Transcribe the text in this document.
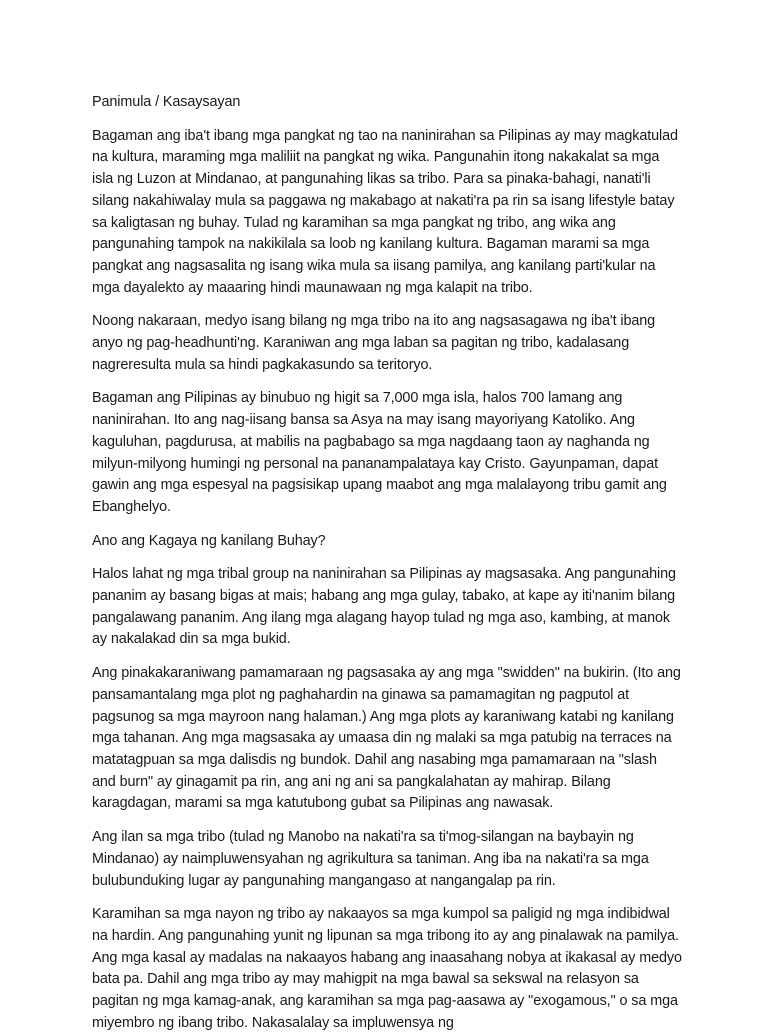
Panimula / Kasaysayan
Bagaman ang iba't ibang mga pangkat ng tao na naninirahan sa Pilipinas ay may magkatulad na kultura, maraming mga maliliit na pangkat ng wika. Pangunahin itong nakakalat sa mga isla ng Luzon at Mindanao, at pangunahing likas sa tribo. Para sa pinaka-bahagi, nanati'li silang nakahiwalay mula sa paggawa ng makabago at nakati'ra pa rin sa isang lifestyle batay sa kaligtasan ng buhay. Tulad ng karamihan sa mga pangkat ng tribo, ang wika ang pangunahing tampok na nakikilala sa loob ng kanilang kultura. Bagaman marami sa mga pangkat ang nagsasalita ng isang wika mula sa iisang pamilya, ang kanilang parti'kular na mga dayalekto ay maaaring hindi maunawaan ng mga kalapit na tribo.
Noong nakaraan, medyo isang bilang ng mga tribo na ito ang nagsasagawa ng iba't ibang anyo ng pag-headhunti'ng. Karaniwan ang mga laban sa pagitan ng tribo, kadalasang nagreresulta mula sa hindi pagkakasundo sa teritoryo.
Bagaman ang Pilipinas ay binubuo ng higit sa 7,000 mga isla, halos 700 lamang ang naninirahan. Ito ang nag-iisang bansa sa Asya na may isang mayoriyang Katoliko. Ang kaguluhan, pagdurusa, at mabilis na pagbabago sa mga nagdaang taon ay naghanda ng milyun-milyong humingi ng personal na pananampalataya kay Cristo. Gayunpaman, dapat gawin ang mga espesyal na pagsisikap upang maabot ang mga malalayong tribu gamit ang Ebanghelyo.
Ano ang Kagaya ng kanilang Buhay?
Halos lahat ng mga tribal group na naninirahan sa Pilipinas ay magsasaka. Ang pangunahing pananim ay basang bigas at mais; habang ang mga gulay, tabako, at kape ay iti'nanim bilang pangalawang pananim. Ang ilang mga alagang hayop tulad ng mga aso, kambing, at manok ay nakalakad din sa mga bukid.
Ang pinakakaraniwang pamamaraan ng pagsasaka ay ang mga "swidden" na bukirin. (Ito ang pansamantalang mga plot ng paghahardin na ginawa sa pamamagitan ng pagputol at pagsunog sa mga mayroon nang halaman.) Ang mga plots ay karaniwang katabi ng kanilang mga tahanan. Ang mga magsasaka ay umaasa din ng malaki sa mga patubig na terraces na matatagpuan sa mga dalisdis ng bundok. Dahil ang nasabing mga pamamaraan na "slash and burn" ay ginagamit pa rin, ang ani ng ani sa pangkalahatan ay mahirap. Bilang karagdagan, marami sa mga katutubong gubat sa Pilipinas ang nawasak.
Ang ilan sa mga tribo (tulad ng Manobo na nakati'ra sa ti'mog-silangan na baybayin ng Mindanao) ay naimpluwensyahan ng agrikultura sa taniman. Ang iba na nakati'ra sa mga bulubunduking lugar ay pangunahing mangangaso at nangangalap pa rin.
Karamihan sa mga nayon ng tribo ay nakaayos sa mga kumpol sa paligid ng mga indibidwal na hardin. Ang pangunahing yunit ng lipunan sa mga tribong ito ay ang pinalawak na pamilya. Ang mga kasal ay madalas na nakaayos habang ang inaasahang nobya at ikakasal ay medyo bata pa. Dahil ang mga tribo ay may mahigpit na mga bawal sa sekswal na relasyon sa pagitan ng mga kamag-anak, ang karamihan sa mga pag-aasawa ay "exogamous," o sa mga miyembro ng ibang tribo. Nakasalalay sa impluwensya ng
